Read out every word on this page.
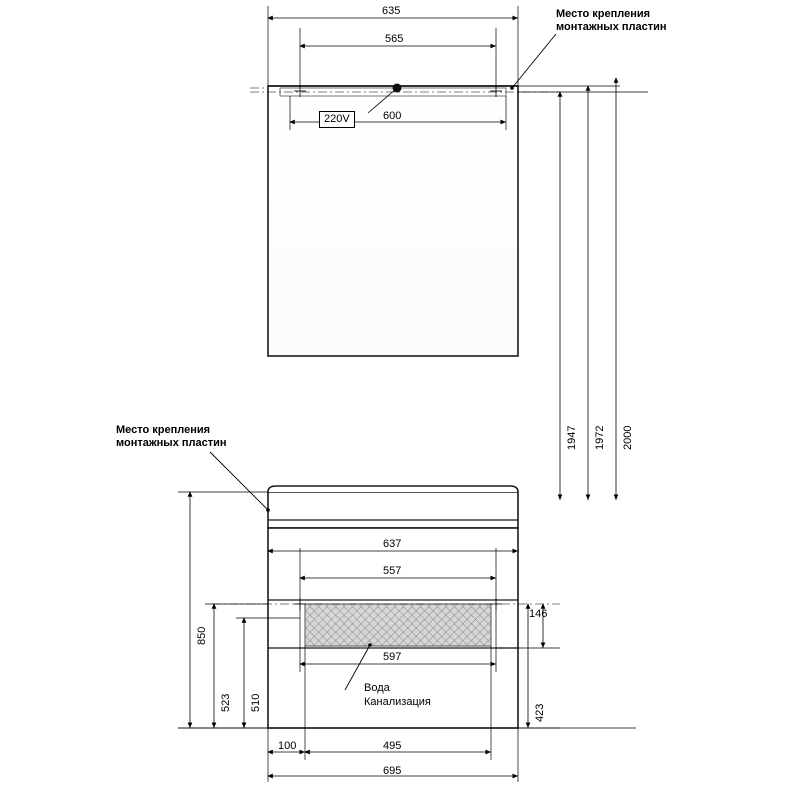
635
565
600
220V
Место крепления
монтажных пластин
1947 1972 2000
Место крепления
монтажных пластин
637
557
597
146
100	495
695
423
850
523 510
Вода
Канализация
